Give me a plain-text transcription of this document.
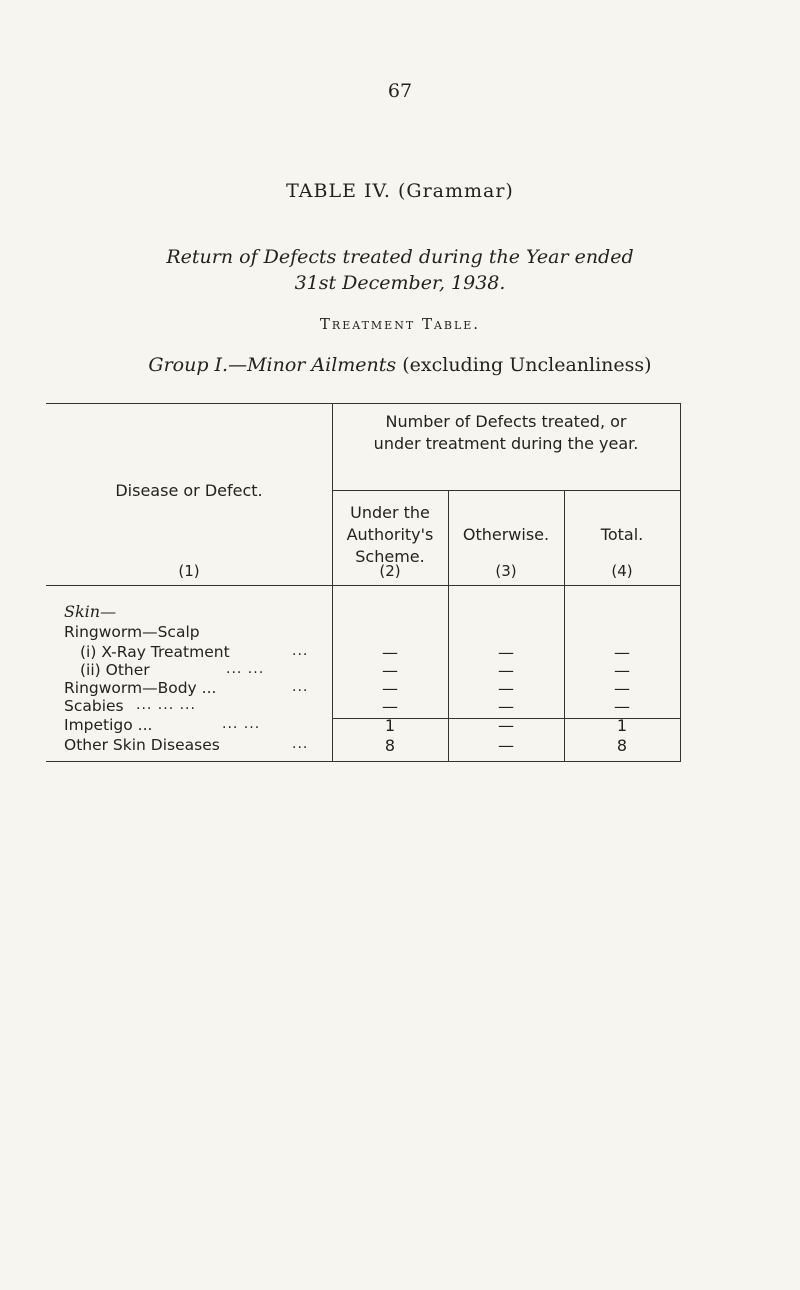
67
TABLE IV. (Grammar)
Return of Defects treated during the Year ended
31st December, 1938.
Treatment Table.
Group I.—Minor Ailments (excluding Uncleanliness)
Number of Defects treated, or
under treatment during the year.
Disease or Defect.
Under the
Authority's
Scheme.
Otherwise.	Total.
(1)	(2)	(3)	(4)
Skin—
Ringworm—Scalp
(i) X-Ray Treatment	...	—	—	—
(ii) Other	... ...	—	—	—
Ringworm—Body ...	...	—	—	—
Scabies ... ... ...	—	—	—
Impetigo ...	... ...	1	—	1
Other Skin Diseases	...	8	—	8
